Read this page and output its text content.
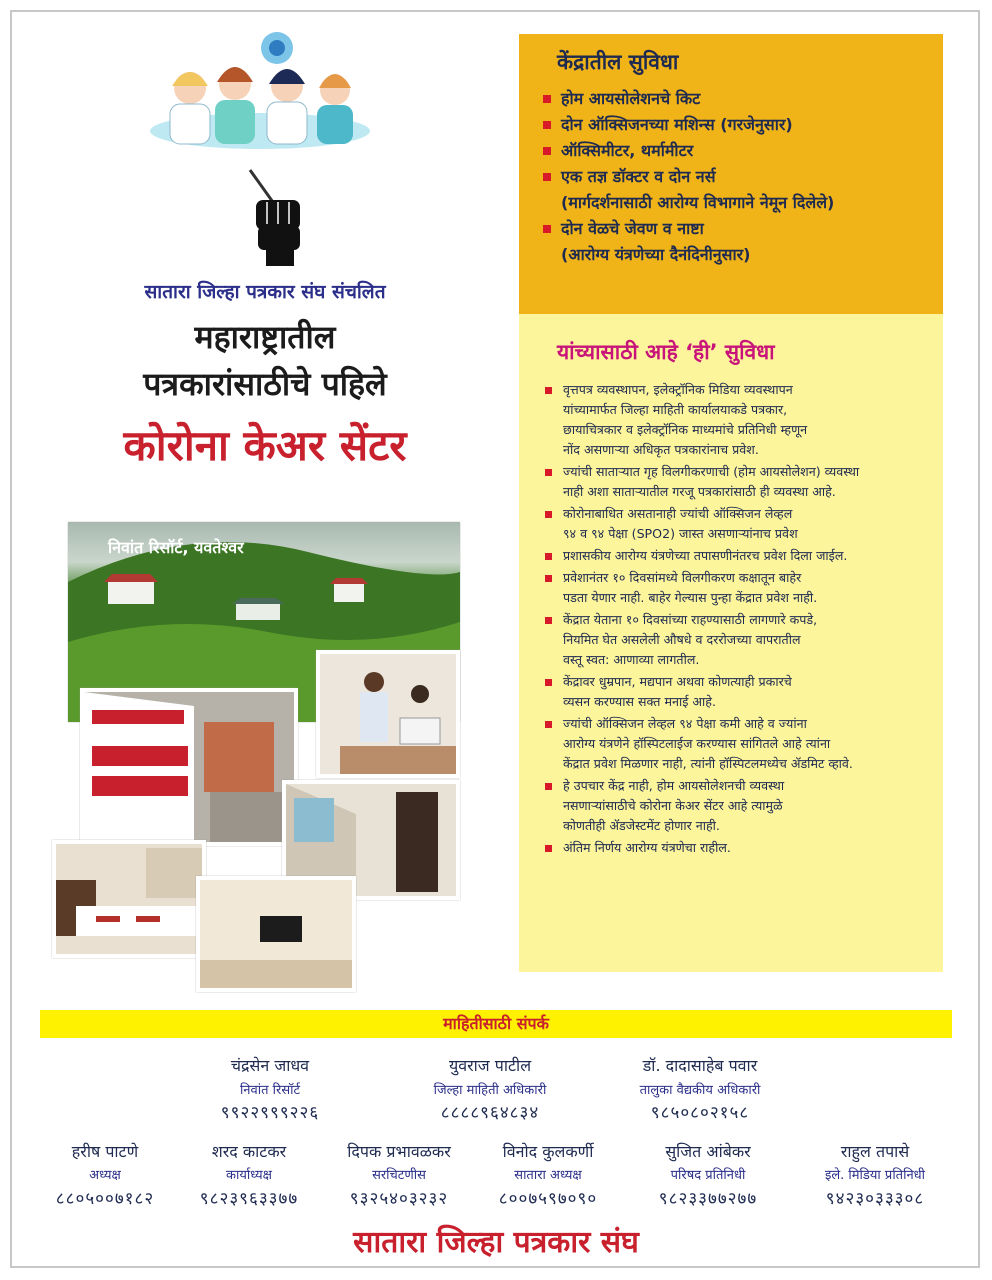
सातारा जिल्हा पत्रकार संघ संचलित
महाराष्ट्रातील
पत्रकारांसाठीचे पहिले
कोरोना केअर सेंटर
निवांत रिसॉर्ट, यवतेश्वर
केंद्रातील सुविधा
होम आयसोलेशनचे किट
दोन ऑक्सिजनच्या मशिन्स (गरजेनुसार)
ऑक्सिमीटर, थर्मामीटर
एक तज्ञ डॉक्टर व दोन नर्स
(मार्गदर्शनासाठी आरोग्य विभागाने नेमून दिलेले)
दोन वेळचे जेवण व नाष्टा
(आरोग्य यंत्रणेच्या दैनंदिनीनुसार)
यांच्यासाठी आहे ‘ही’ सुविधा
वृत्तपत्र व्यवस्थापन, इलेक्ट्रॉनिक मिडिया व्यवस्थापन
यांच्यामार्फत जिल्हा माहिती कार्यालयाकडे पत्रकार,
छायाचित्रकार व इलेक्ट्रॉनिक माध्यमांचे प्रतिनिधी म्हणून
नोंद असणाऱ्या अधिकृत पत्रकारांनाच प्रवेश.
ज्यांची साताऱ्यात गृह विलगीकरणाची (होम आयसोलेशन) व्यवस्था
नाही अशा साताऱ्यातील गरजू पत्रकारांसाठी ही व्यवस्था आहे.
कोरोनाबाधित असतानाही ज्यांची ऑक्सिजन लेव्हल
९४ व ९४ पेक्षा (SPO2) जास्त असणाऱ्यांनाच प्रवेश
प्रशासकीय आरोग्य यंत्रणेच्या तपासणीनंतरच प्रवेश दिला जाईल.
प्रवेशानंतर १० दिवसांमध्ये विलगीकरण कक्षातून बाहेर
पडता येणार नाही. बाहेर गेल्यास पुन्हा केंद्रात प्रवेश नाही.
केंद्रात येताना १० दिवसांच्या राहण्यासाठी लागणारे कपडे,
नियमित घेत असलेली औषधे व दररोजच्या वापरातील
वस्तू स्वत: आणाव्या लागतील.
केंद्रावर धुम्रपान, मद्यपान अथवा कोणत्याही प्रकारचे
व्यसन करण्यास सक्त मनाई आहे.
ज्यांची ऑक्सिजन लेव्हल ९४ पेक्षा कमी आहे व ज्यांना
आरोग्य यंत्रणेने हॉस्पिटलाईज करण्यास सांगितले आहे त्यांना
केंद्रात प्रवेश मिळणार नाही, त्यांनी हॉस्पिटलमध्येच ॲडमिट व्हावे.
हे उपचार केंद्र नाही, होम आयसोलेशनची व्यवस्था
नसणाऱ्यांसाठीचे कोरोना केअर सेंटर आहे त्यामुळे
कोणतीही ॲडजेस्टमेंट होणार नाही.
अंतिम निर्णय आरोग्य यंत्रणेचा राहील.
माहितीसाठी संपर्क
चंद्रसेन जाधव
निवांत रिसॉर्ट
९९२२९९९२२६
युवराज पाटील
जिल्हा माहिती अधिकारी
८८८८९६४८३४
डॉ. दादासाहेब पवार
तालुका वैद्यकीय अधिकारी
९८५०८०२१५८
हरीष पाटणे
अध्यक्ष
८८०५००७१८२
शरद काटकर
कार्याध्यक्ष
९८२३९६३३७७
दिपक प्रभावळकर
सरचिटणीस
९३२५४०३२३२
विनोद कुलकर्णी
सातारा अध्यक्ष
८००७५९७०९०
सुजित आंबेकर
परिषद प्रतिनिधी
९८२३३७७२७७
राहुल तपासे
इले. मिडिया प्रतिनिधी
९४२३०३३३०८
सातारा जिल्हा पत्रकार संघ
